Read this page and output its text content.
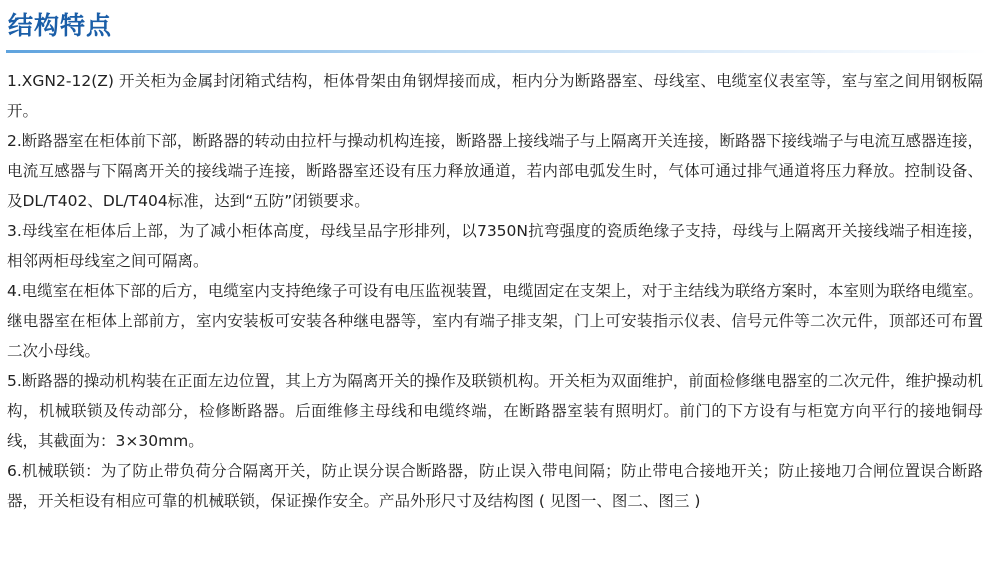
结构特点

1.XGN2-12(Z) 开关柜为金属封闭箱式结构，柜体骨架由角钢焊接而成，柜内分为断路器室、母线室、电缆室仪表室等，室与室之间用钢板隔开。

2.断路器室在柜体前下部，断路器的转动由拉杆与操动机构连接，断路器上接线端子与上隔离开关连接，断路器下接线端子与电流互感器连接，电流互感器与下隔离开关的接线端子连接，断路器室还设有压力释放通道，若内部电弧发生时，气体可通过排气通道将压力释放。控制设备、及DL/T402、DL/T404标准，达到“五防”闭锁要求。

3.母线室在柜体后上部，为了减小柜体高度，母线呈品字形排列，以7350N抗弯强度的瓷质绝缘子支持，母线与上隔离开关接线端子相连接，相邻两柜母线室之间可隔离。

4.电缆室在柜体下部的后方，电缆室内支持绝缘子可设有电压监视装置，电缆固定在支架上，对于主结线为联络方案时，本室则为联络电缆室。继电器室在柜体上部前方，室内安装板可安装各种继电器等，室内有端子排支架，门上可安装指示仪表、信号元件等二次元件，顶部还可布置二次小母线。

5.断路器的操动机构装在正面左边位置，其上方为隔离开关的操作及联锁机构。开关柜为双面维护，前面检修继电器室的二次元件，维护操动机构，机械联锁及传动部分，检修断路器。后面维修主母线和电缆终端，在断路器室装有照明灯。前门的下方设有与柜宽方向平行的接地铜母线，其截面为：3×30mm。

6.机械联锁：为了防止带负荷分合隔离开关，防止误分误合断路器，防止误入带电间隔；防止带电合接地开关；防止接地刀合闸位置误合断路器，开关柜设有相应可靠的机械联锁，保证操作安全。产品外形尺寸及结构图 ( 见图一、图二、图三 )
